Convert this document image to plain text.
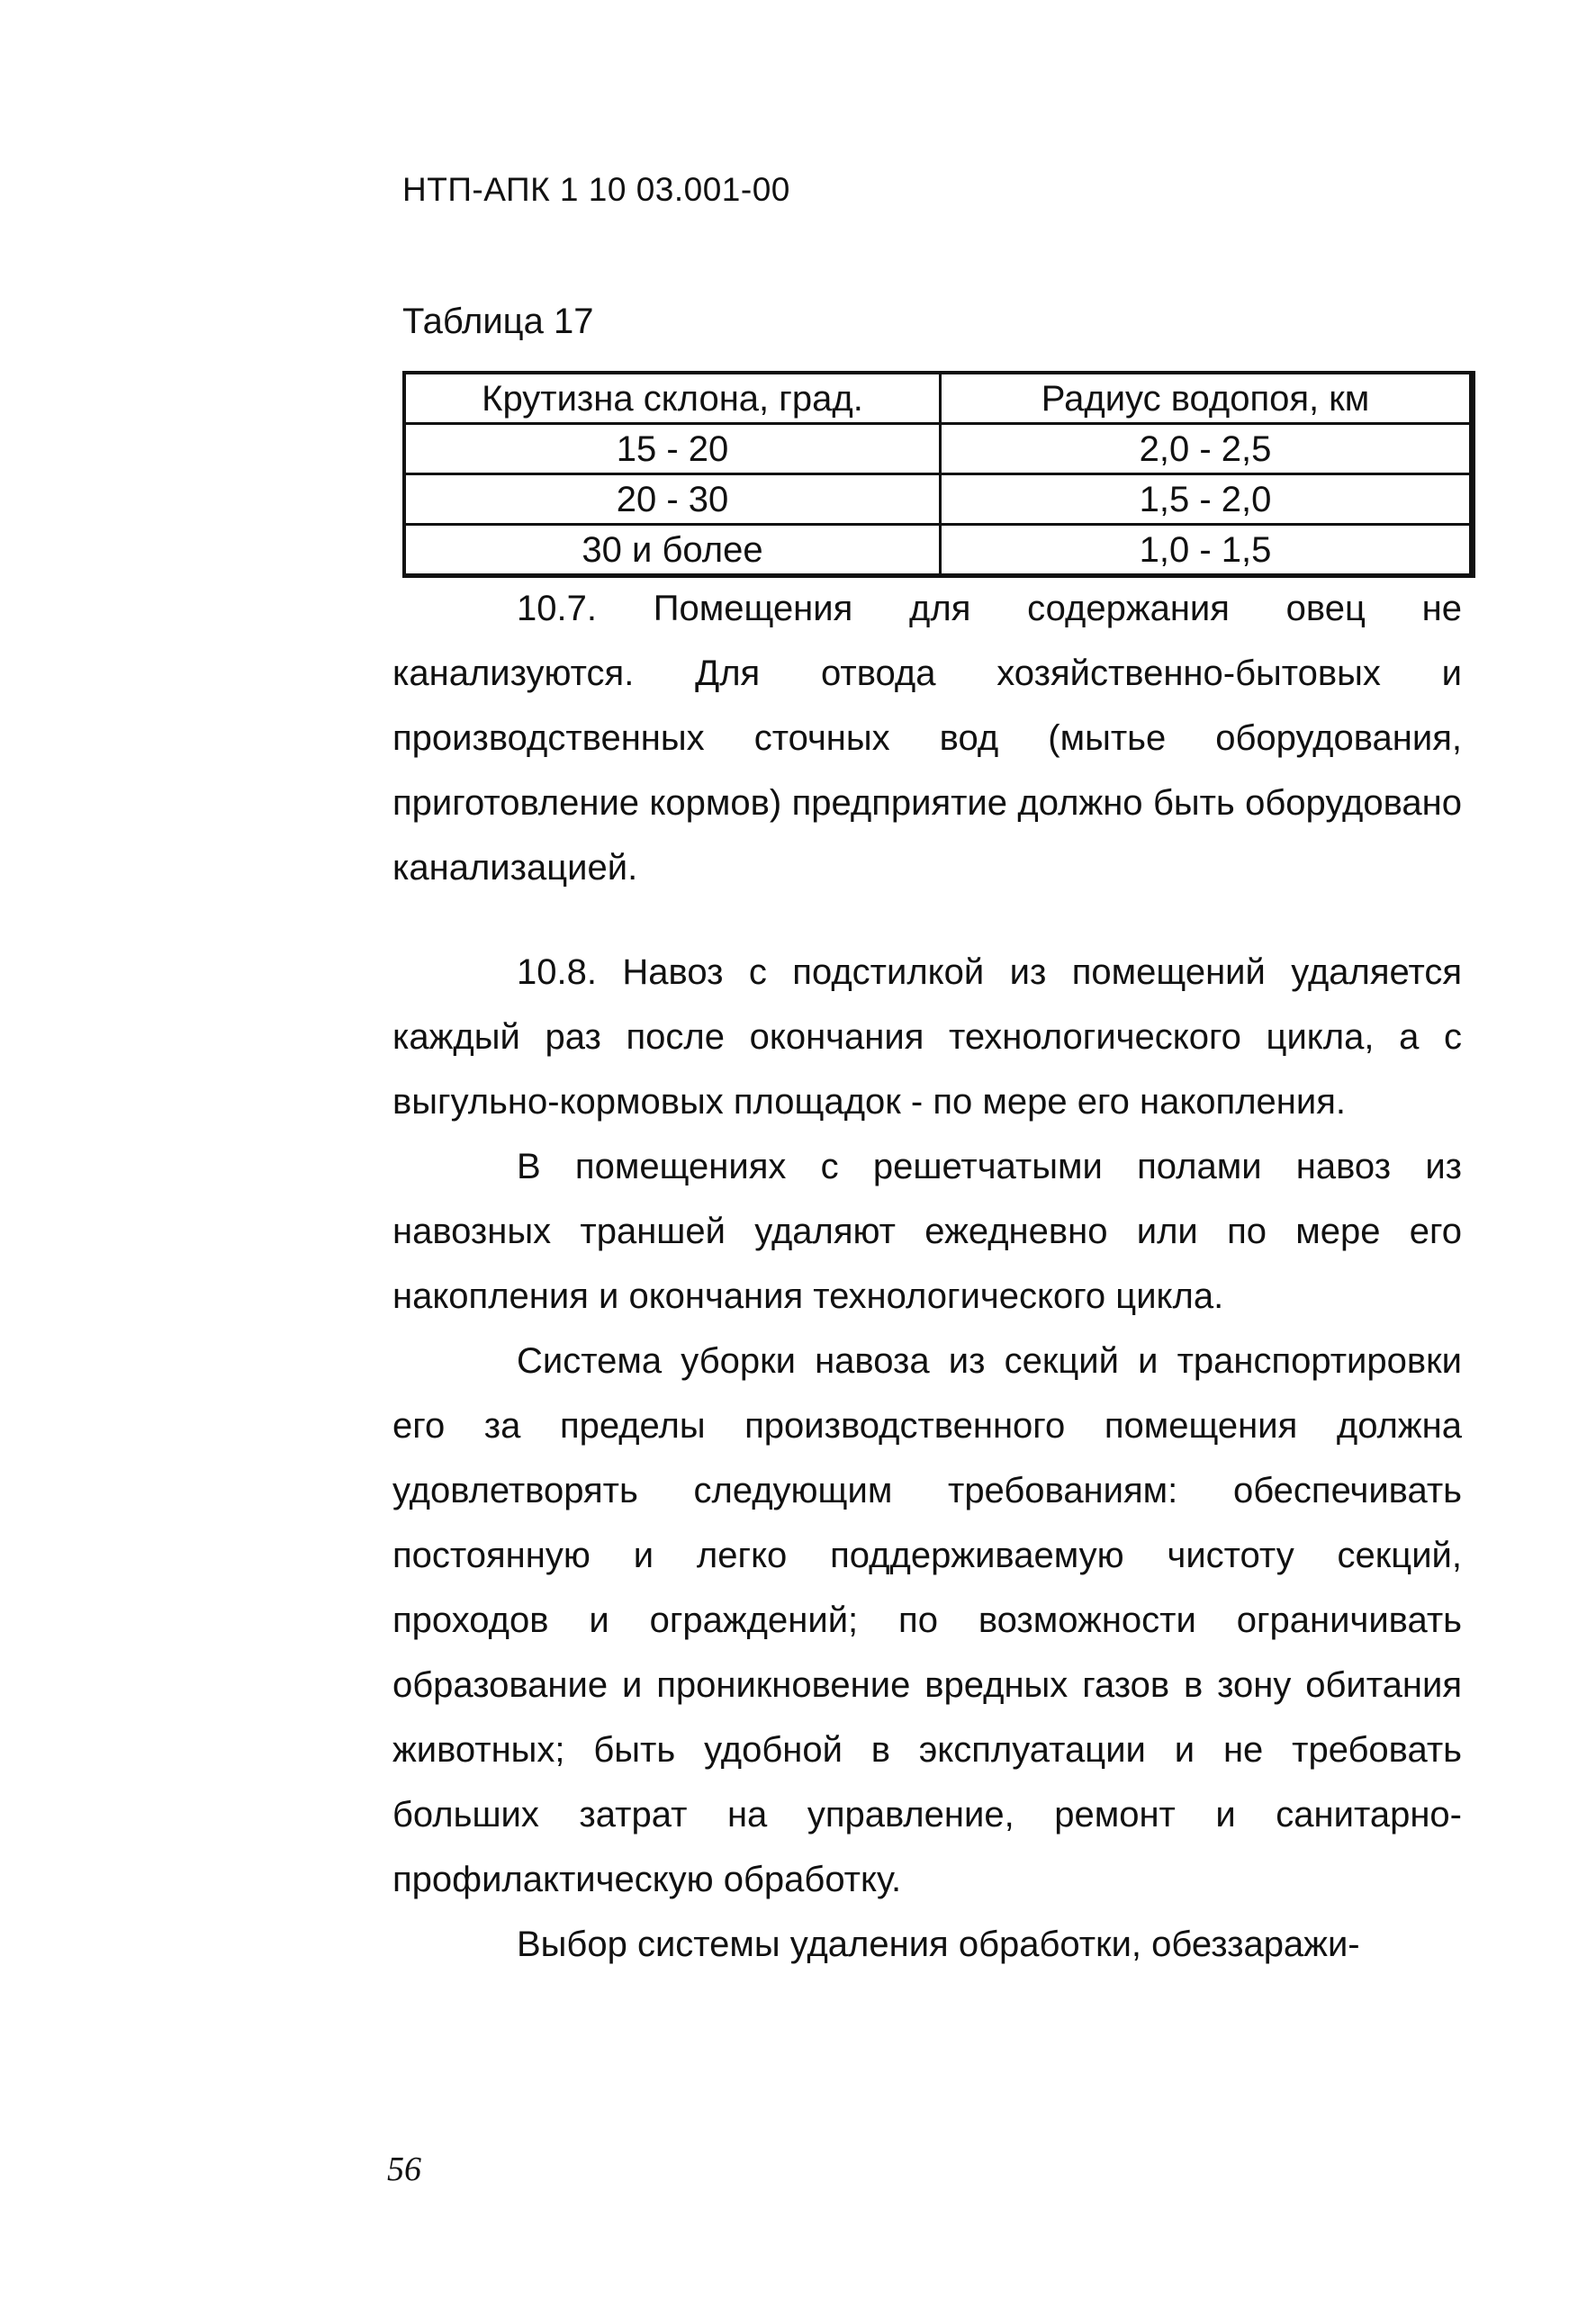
НТП-АПК 1 10 03.001-00
Таблица 17
Крутизна склона, град.	Радиус водопоя, км
15 - 20	2,0 - 2,5
20 - 30	1,5 - 2,0
30 и более	1,0 - 1,5

10.7. Помещения для содержания овец не канализуются. Для отвода хозяйственно-бытовых и производственных сточных вод (мытье оборудования, приготовление кормов) предприятие должно быть оборудовано канализацией.

10.8. Навоз с подстилкой из помещений удаляется каждый раз после окончания технологического цикла, а с выгульно-кормовых площадок - по мере его накопления.

В помещениях с решетчатыми полами навоз из навозных траншей удаляют ежедневно или по мере его накопления и окончания технологического цикла.

Система уборки навоза из секций и транспортировки его за пределы производственного помещения должна удовлетворять следующим требованиям: обеспечивать постоянную и легко поддерживаемую чистоту секций, проходов и ограждений; по возможности ограничивать образование и проникновение вредных газов в зону обитания животных; быть удобной в эксплуатации и не требовать больших затрат на управление, ремонт и санитарно-профилактическую обработку.

Выбор системы удаления обработки, обеззаражи-

56
